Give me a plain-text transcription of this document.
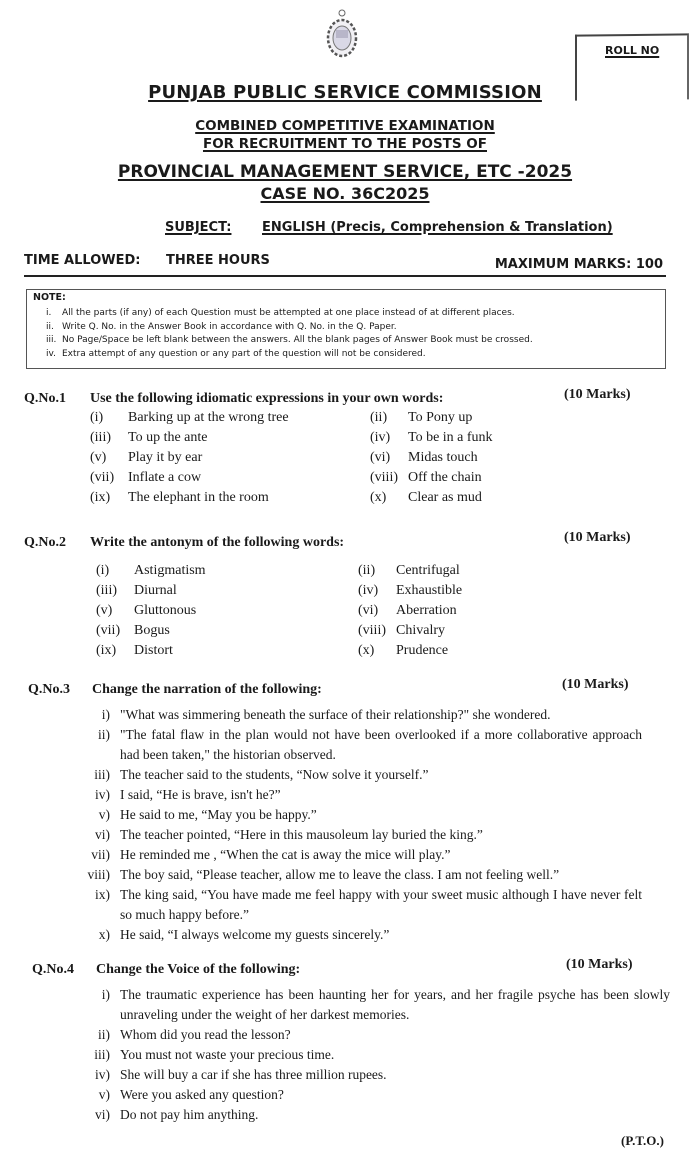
ROLL NO
PUNJAB PUBLIC SERVICE COMMISSION
COMBINED COMPETITIVE EXAMINATION
FOR RECRUITMENT TO THE POSTS OF
PROVINCIAL MANAGEMENT SERVICE, ETC -2025
CASE NO. 36C2025
SUBJECT: ENGLISH (Precis, Comprehension & Translation)
TIME ALLOWED: THREE HOURS	MAXIMUM MARKS: 100
NOTE:
i.	All the parts (if any) of each Question must be attempted at one place instead of at different places.
ii. Write Q. No. in the Answer Book in accordance with Q. No. in the Q. Paper.
iii. No Page/Space be left blank between the answers. All the blank pages of Answer Book must be crossed.
iv. Extra attempt of any question or any part of the question will not be considered.
Q.No.1 Use the following idiomatic expressions in your own words:	(10 Marks)
(i)	Barking up at the wrong tree	(ii)	To Pony up
(iii)	To up the ante	(iv)	To be in a funk
(v)	Play it by ear	(vi)	Midas touch
(vii) Inflate a cow	(viii) Off the chain
(ix)	The elephant in the room	(x)	Clear as mud
Q.No.2 Write the antonym of the following words:	(10 Marks)
(i)	Astigmatism	(ii)	Centrifugal
(iii)	Diurnal	(iv)	Exhaustible
(v)	Gluttonous	(vi)	Aberration
(vii) Bogus	(viii) Chivalry
(ix)	Distort	(x)	Prudence
Q.No.3 Change the narration of the following:	(10 Marks)
i) "What was simmering beneath the surface of their relationship?" she wondered.
ii) "The fatal flaw in the plan would not have been overlooked if a more collaborative approach had been taken," the historian observed.
iii) The teacher said to the students, “Now solve it yourself.”
iv) I said, “He is brave, isn't he?”
v) He said to me, “May you be happy.”
vi) The teacher pointed, “Here in this mausoleum lay buried the king.”
vii) He reminded me , “When the cat is away the mice will play.”
viii) The boy said, “Please teacher, allow me to leave the class. I am not feeling well.”
ix) The king said, “You have made me feel happy with your sweet music although I have never felt so much happy before.”
x) He said, “I always welcome my guests sincerely.”
Q.No.4 Change the Voice of the following:	(10 Marks)
i) The traumatic experience has been haunting her for years, and her fragile psyche has been slowly unraveling under the weight of her darkest memories.
ii) Whom did you read the lesson?
iii) You must not waste your precious time.
iv) She will buy a car if she has three million rupees.
v) Were you asked any question?
vi) Do not pay him anything.
(P.T.O.)
